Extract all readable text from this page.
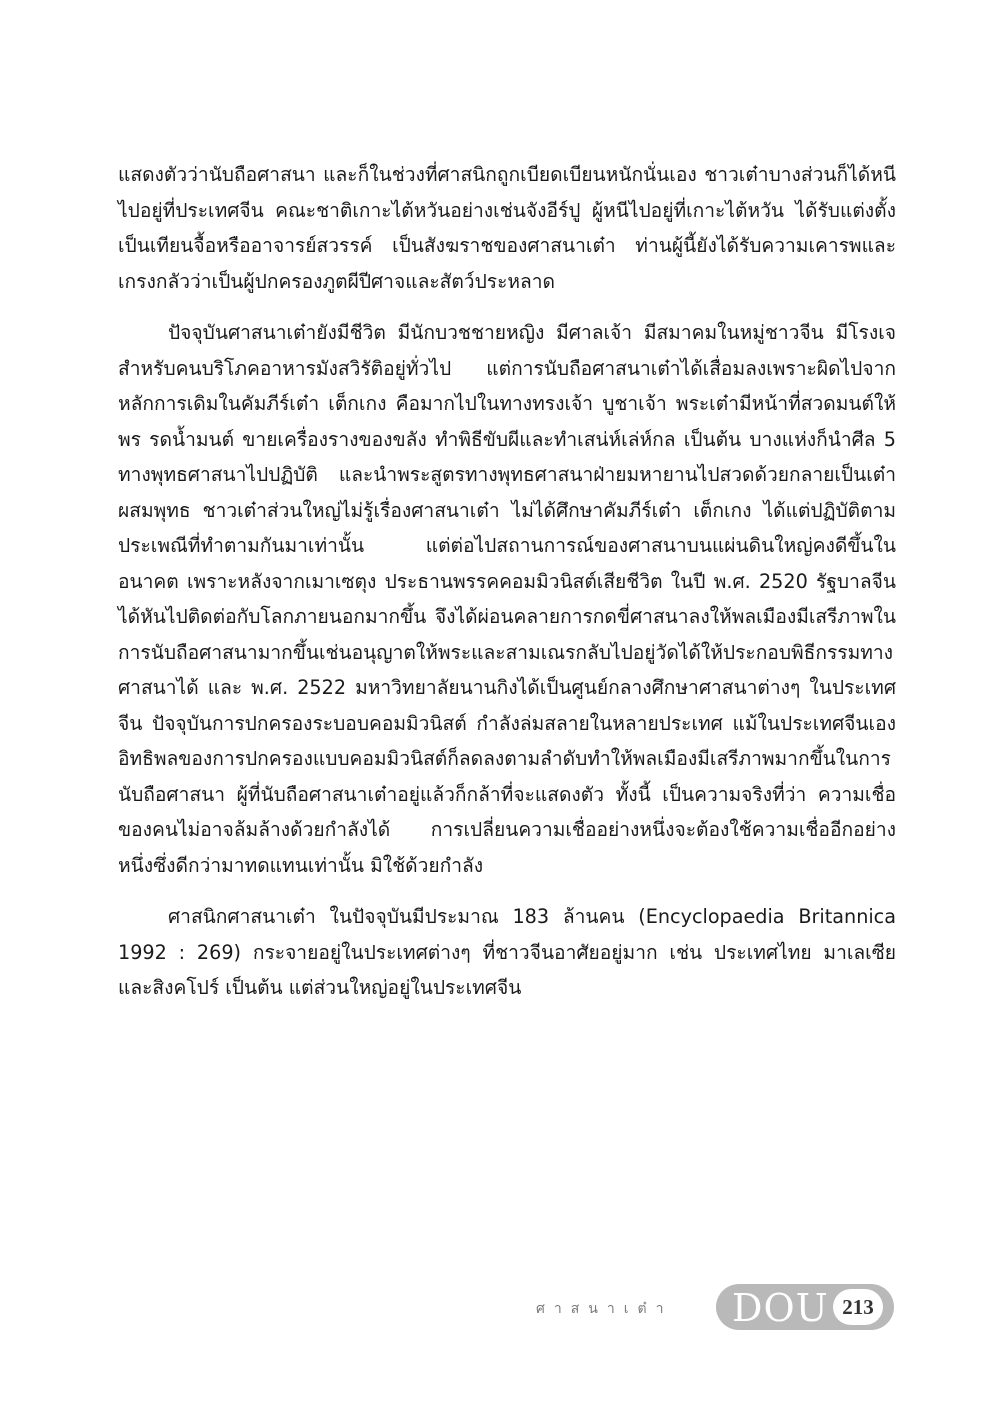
แสดงตัวว่านับถือศาสนา และก็ในช่วงที่ศาสนิกถูกเบียดเบียนหนักนั่นเอง ชาวเต๋าบางส่วนก็ได้หนีไปอยู่ที่ประเทศจีน คณะชาติเกาะไต้หวันอย่างเช่นจังอีร์ปู ผู้หนีไปอยู่ที่เกาะไต้หวัน ได้รับแต่งตั้งเป็นเทียนจื้อหรืออาจารย์สวรรค์ เป็นสังฆราชของศาสนาเต๋า ท่านผู้นี้ยังได้รับความเคารพและเกรงกลัวว่าเป็นผู้ปกครองภูตผีปีศาจและสัตว์ประหลาด

ปัจจุบันศาสนาเต๋ายังมีชีวิต มีนักบวชชายหญิง มีศาลเจ้า มีสมาคมในหมู่ชาวจีน มีโรงเจสำหรับคนบริโภคอาหารมังสวิรัติอยู่ทั่วไป แต่การนับถือศาสนาเต๋าได้เสื่อมลงเพราะผิดไปจากหลักการเดิมในคัมภีร์เต๋า เต็กเกง คือมากไปในทางทรงเจ้า บูชาเจ้า พระเต๋ามีหน้าที่สวดมนต์ให้พร รดน้ำมนต์ ขายเครื่องรางของขลัง ทำพิธีขับผีและทำเสน่ห์เล่ห์กล เป็นต้น บางแห่งก็นำศีล 5 ทางพุทธศาสนาไปปฏิบัติ และนำพระสูตรทางพุทธศาสนาฝ่ายมหายานไปสวดด้วยกลายเป็นเต๋าผสมพุทธ ชาวเต๋าส่วนใหญ่ไม่รู้เรื่องศาสนาเต๋า ไม่ได้ศึกษาคัมภีร์เต๋า เต็กเกง ได้แต่ปฏิบัติตามประเพณีที่ทำตามกันมาเท่านั้น แต่ต่อไปสถานการณ์ของศาสนาบนแผ่นดินใหญ่คงดีขึ้นในอนาคต เพราะหลังจากเมาเซตุง ประธานพรรคคอมมิวนิสต์เสียชีวิต ในปี พ.ศ. 2520 รัฐบาลจีนได้หันไปติดต่อกับโลกภายนอกมากขึ้น จึงได้ผ่อนคลายการกดขี่ศาสนาลงให้พลเมืองมีเสรีภาพในการนับถือศาสนามากขึ้นเช่นอนุญาตให้พระและสามเณรกลับไปอยู่วัดได้ให้ประกอบพิธีกรรมทางศาสนาได้ และ พ.ศ. 2522 มหาวิทยาลัยนานกิงได้เป็นศูนย์กลางศึกษาศาสนาต่างๆ ในประเทศจีน ปัจจุบันการปกครองระบอบคอมมิวนิสต์ กำลังล่มสลายในหลายประเทศ แม้ในประเทศจีนเองอิทธิพลของการปกครองแบบคอมมิวนิสต์ก็ลดลงตามลำดับทำให้พลเมืองมีเสรีภาพมากขึ้นในการนับถือศาสนา ผู้ที่นับถือศาสนาเต๋าอยู่แล้วก็กล้าที่จะแสดงตัว ทั้งนี้ เป็นความจริงที่ว่า ความเชื่อของคนไม่อาจล้มล้างด้วยกำลังได้ การเปลี่ยนความเชื่ออย่างหนึ่งจะต้องใช้ความเชื่ออีกอย่างหนึ่งซึ่งดีกว่ามาทดแทนเท่านั้น มิใช้ด้วยกำลัง

ศาสนิกศาสนาเต๋า ในปัจจุบันมีประมาณ 183 ล้านคน (Encyclopaedia Britannica 1992 : 269) กระจายอยู่ในประเทศต่างๆ ที่ชาวจีนอาศัยอยู่มาก เช่น ประเทศไทย มาเลเซีย และสิงคโปร์ เป็นต้น แต่ส่วนใหญ่อยู่ในประเทศจีน

ศาสนาเต๋า DOU 213
